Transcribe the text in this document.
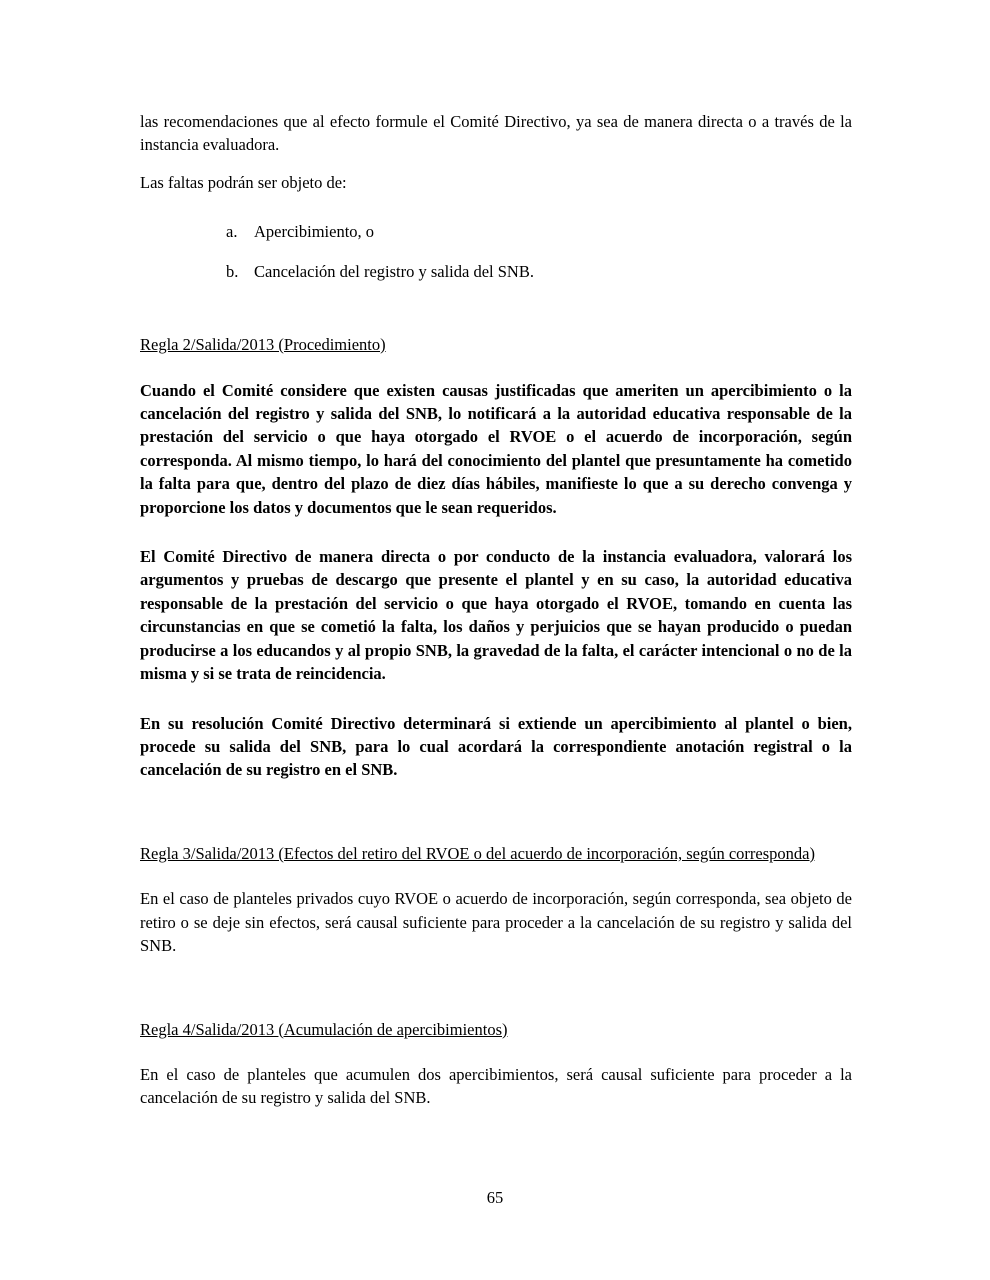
las recomendaciones que al efecto formule el Comité Directivo, ya sea de manera directa o a través de la instancia evaluadora.

Las faltas podrán ser objeto de:

a.	Apercibimiento, o
b. Cancelación del registro y salida del SNB.

Regla 2/Salida/2013 (Procedimiento)

Cuando el Comité considere que existen causas justificadas que ameriten un apercibimiento o la cancelación del registro y salida del SNB, lo notificará a la autoridad educativa responsable de la prestación del servicio o que haya otorgado el RVOE o el acuerdo de incorporación, según corresponda. Al mismo tiempo, lo hará del conocimiento del plantel que presuntamente ha cometido la falta para que, dentro del plazo de diez días hábiles, manifieste lo que a su derecho convenga y proporcione los datos y documentos que le sean requeridos.

El Comité Directivo de manera directa o por conducto de la instancia evaluadora, valorará los argumentos y pruebas de descargo que presente el plantel y en su caso, la autoridad educativa responsable de la prestación del servicio o que haya otorgado el RVOE, tomando en cuenta las circunstancias en que se cometió la falta, los daños y perjuicios que se hayan producido o puedan producirse a los educandos y al propio SNB, la gravedad de la falta, el carácter intencional o no de la misma y si se trata de reincidencia.

En su resolución Comité Directivo determinará si extiende un apercibimiento al plantel o bien, procede su salida del SNB, para lo cual acordará la correspondiente anotación registral o la cancelación de su registro en el SNB.

Regla 3/Salida/2013 (Efectos del retiro del RVOE o del acuerdo de incorporación, según corresponda)

En el caso de planteles privados cuyo RVOE o acuerdo de incorporación, según corresponda, sea objeto de retiro o se deje sin efectos, será causal suficiente para proceder a la cancelación de su registro y salida del SNB.

Regla 4/Salida/2013 (Acumulación de apercibimientos)

En el caso de planteles que acumulen dos apercibimientos, será causal suficiente para proceder a la cancelación de su registro y salida del SNB.

65
